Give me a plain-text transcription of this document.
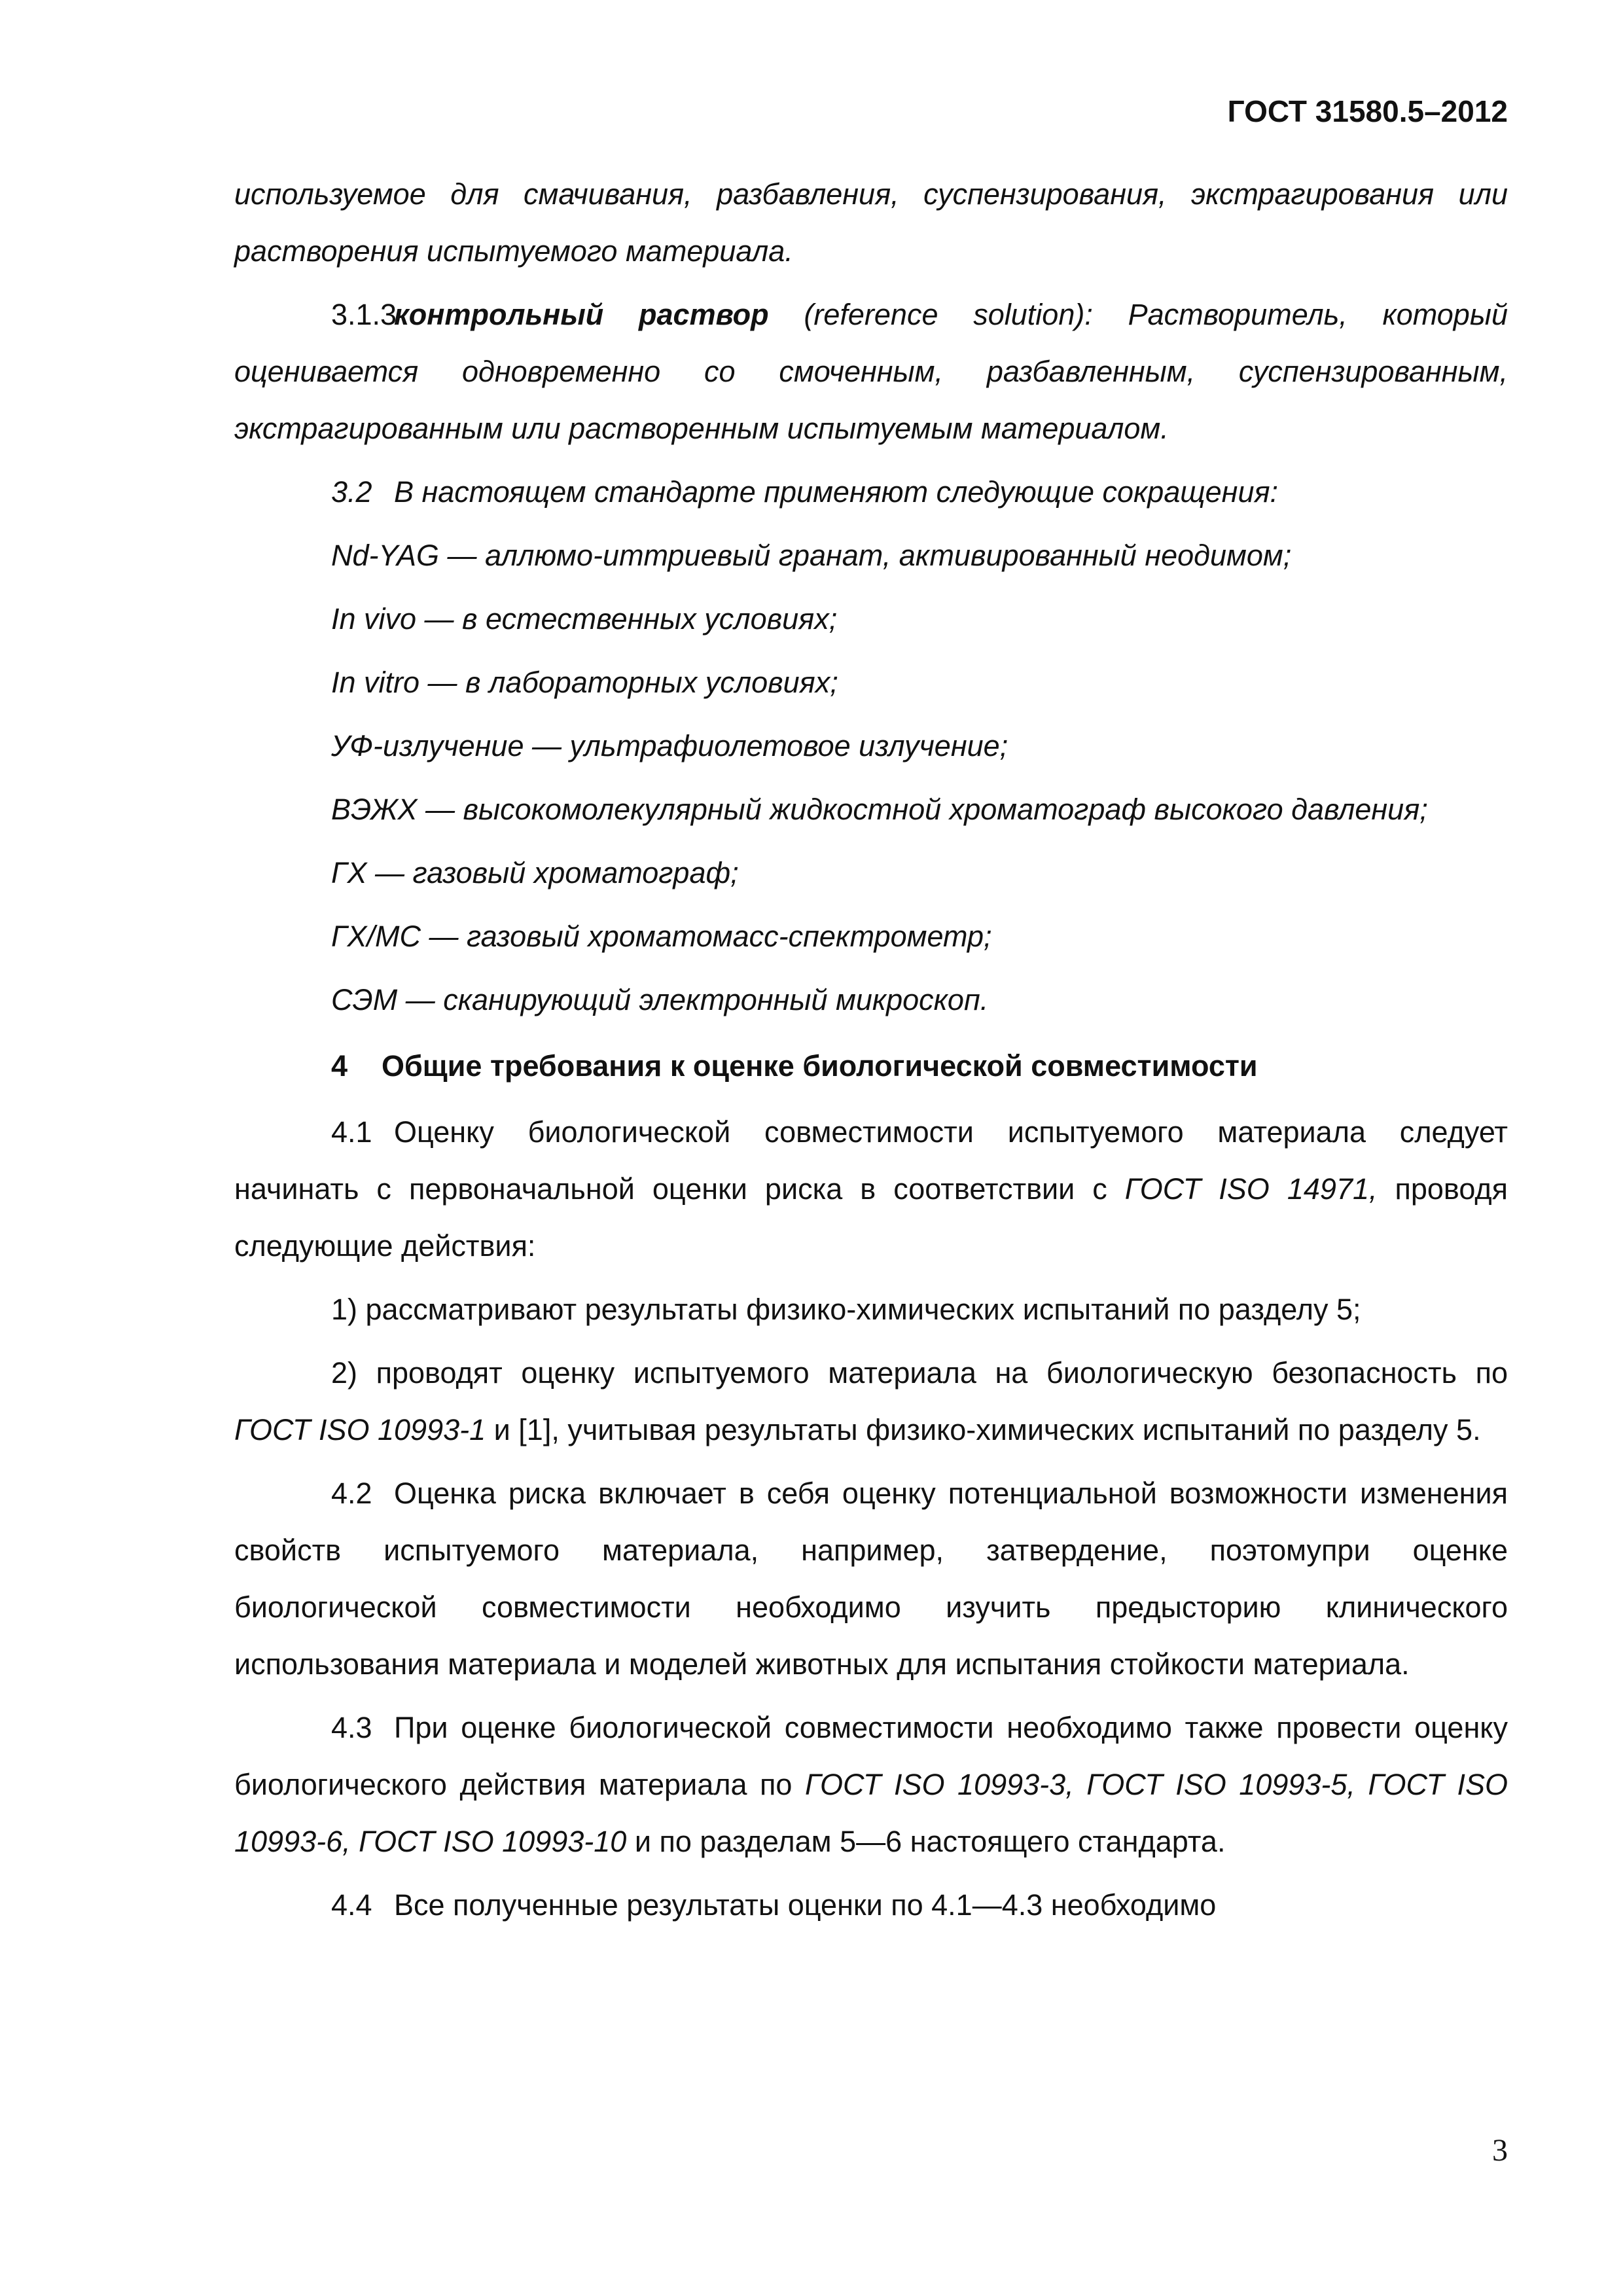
ГОСТ 31580.5–2012

используемое для смачивания, разбавления, суспензирования, экстрагирования или растворения испытуемого материала.

3.1.3контрольный раствор (reference solution): Растворитель, который оценивается одновременно со смоченным, разбавленным, суспензированным, экстрагированным или растворенным испытуемым материалом.

3.2 В настоящем стандарте применяют следующие сокращения:

Nd-YAG — аллюмо-иттриевый гранат, активированный неодимом;

In vivo — в естественных условиях;

In vitro — в лабораторных условиях;

УФ-излучение — ультрафиолетовое излучение;

ВЭЖХ — высокомолекулярный жидкостной хроматограф высокого давления;

ГХ — газовый хроматограф;

ГХ/МС — газовый хроматомасс-спектрометр;

СЭМ — сканирующий электронный микроскоп.

4 Общие требования к оценке биологической совместимости

4.1 Оценку биологической совместимости испытуемого материала следует начинать с первоначальной оценки риска в соответствии с ГОСТ ISO 14971, проводя следующие действия:

1) рассматривают результаты физико-химических испытаний по разделу 5;

2) проводят оценку испытуемого материала на биологическую безопасность по ГОСТ ISO 10993-1 и [1], учитывая результаты физико-химических испытаний по разделу 5.

4.2 Оценка риска включает в себя оценку потенциальной возможности изменения свойств испытуемого материала, например, затвердение, поэтомупри оценке биологической совместимости необходимо изучить предысторию клинического использования материала и моделей животных для испытания стойкости материала.

4.3 При оценке биологической совместимости необходимо также провести оценку биологического действия материала по ГОСТ ISO 10993-3, ГОСТ ISO 10993-5, ГОСТ ISO 10993-6, ГОСТ ISO 10993-10 и по разделам 5—6 настоящего стандарта.

4.4 Все полученные результаты оценки по 4.1—4.3 необходимо

3
